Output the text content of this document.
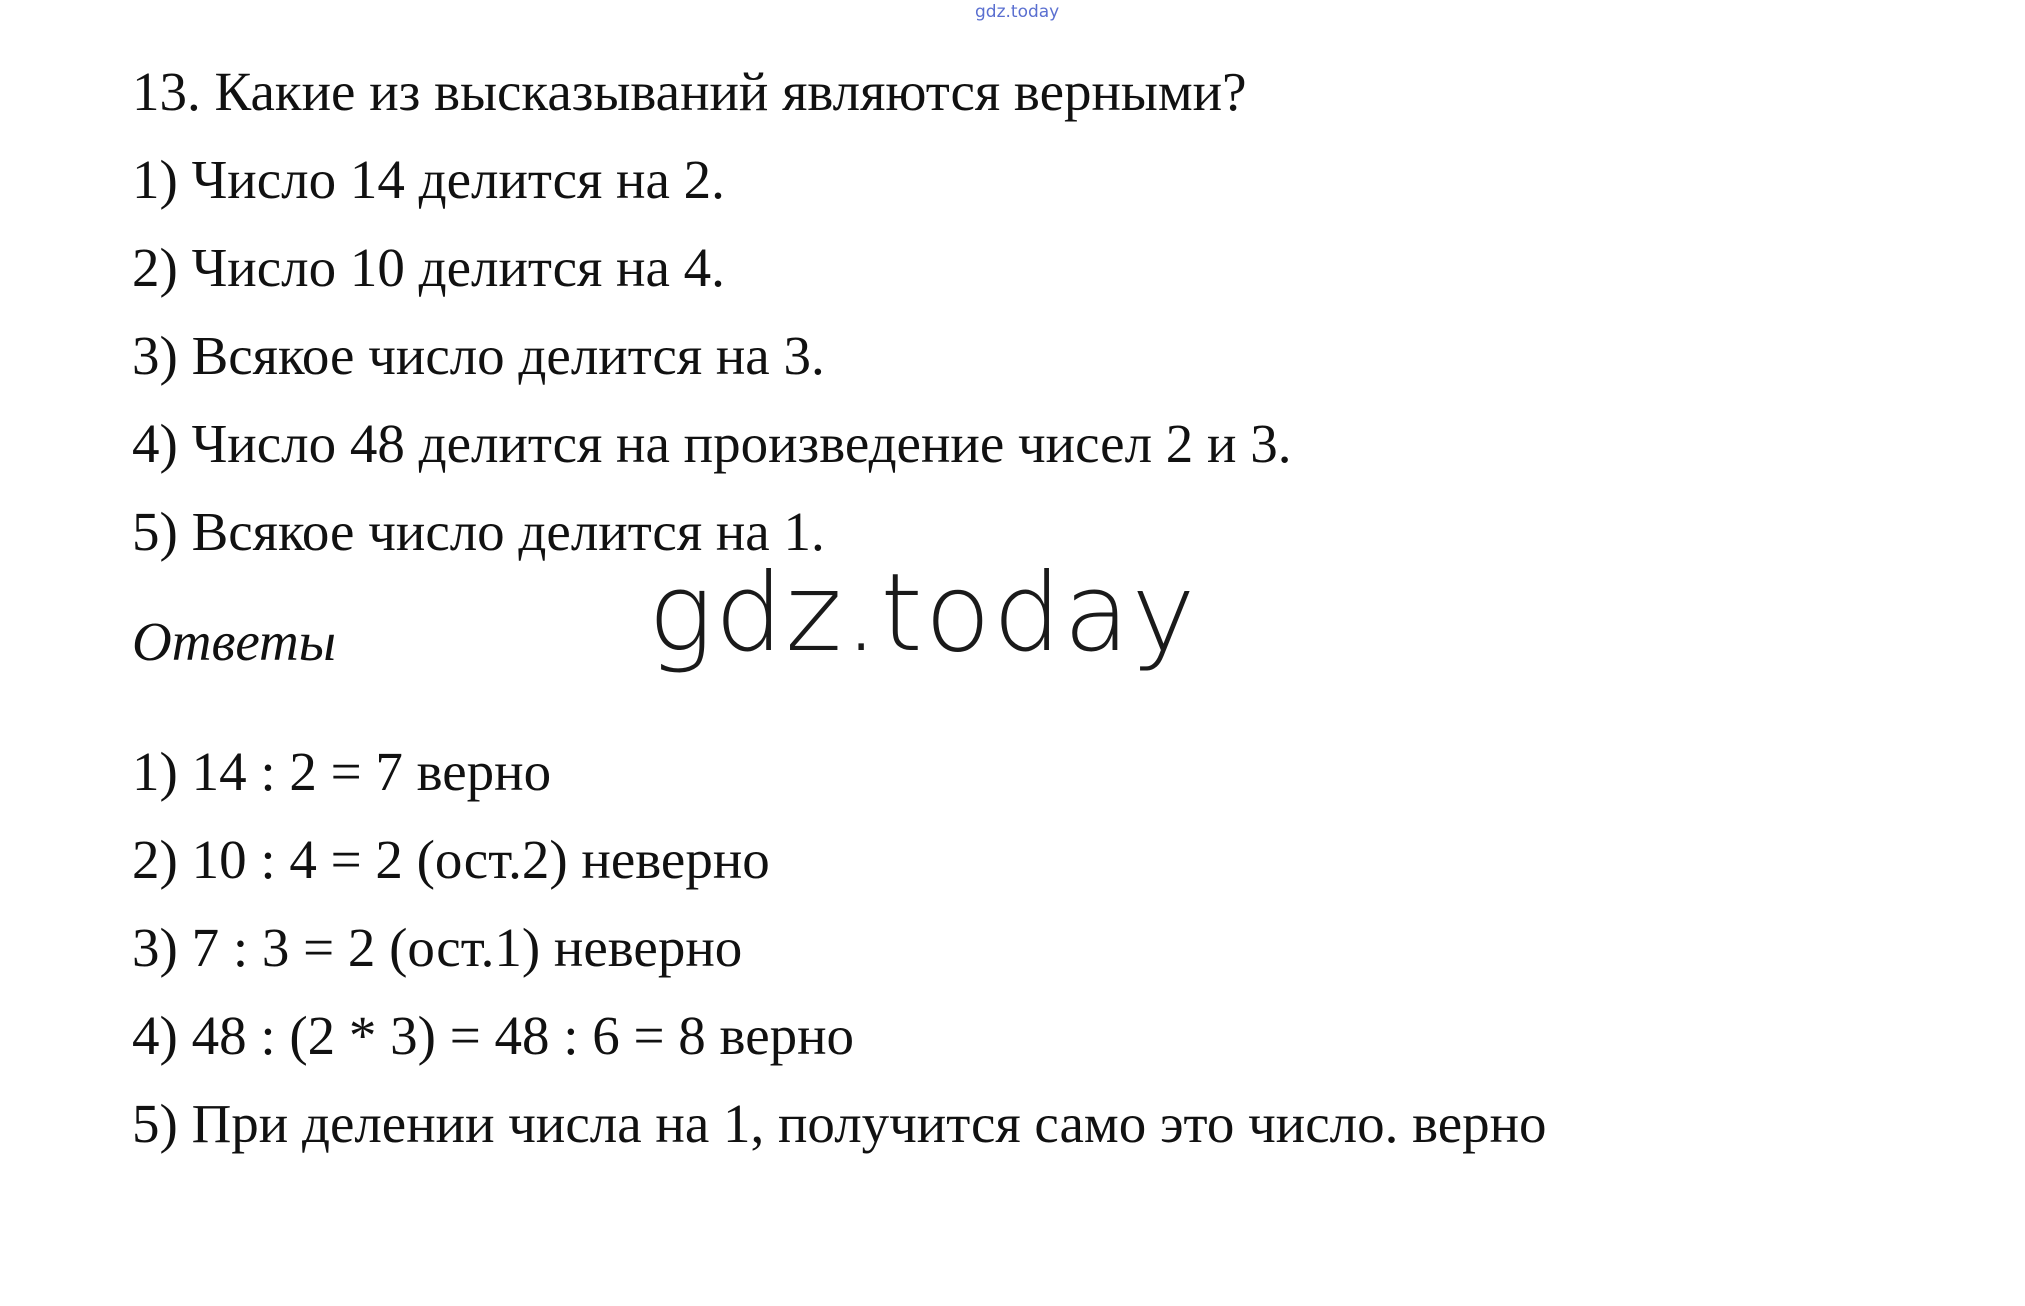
gdz.today
13. Какие из высказываний являются верными?
1) Число 14 делится на 2.
2) Число 10 делится на 4.
3) Всякое число делится на 3.
4) Число 48 делится на произведение чисел 2 и 3.
5) Всякое число делится на 1.
Ответы	gdz.today
1) 14 : 2 = 7 верно
2) 10 : 4 = 2 (ост.2) неверно
3) 7 : 3 = 2 (ост.1) неверно
4) 48 : (2 * 3) = 48 : 6 = 8 верно
5) При делении числа на 1, получится само это число. верно
